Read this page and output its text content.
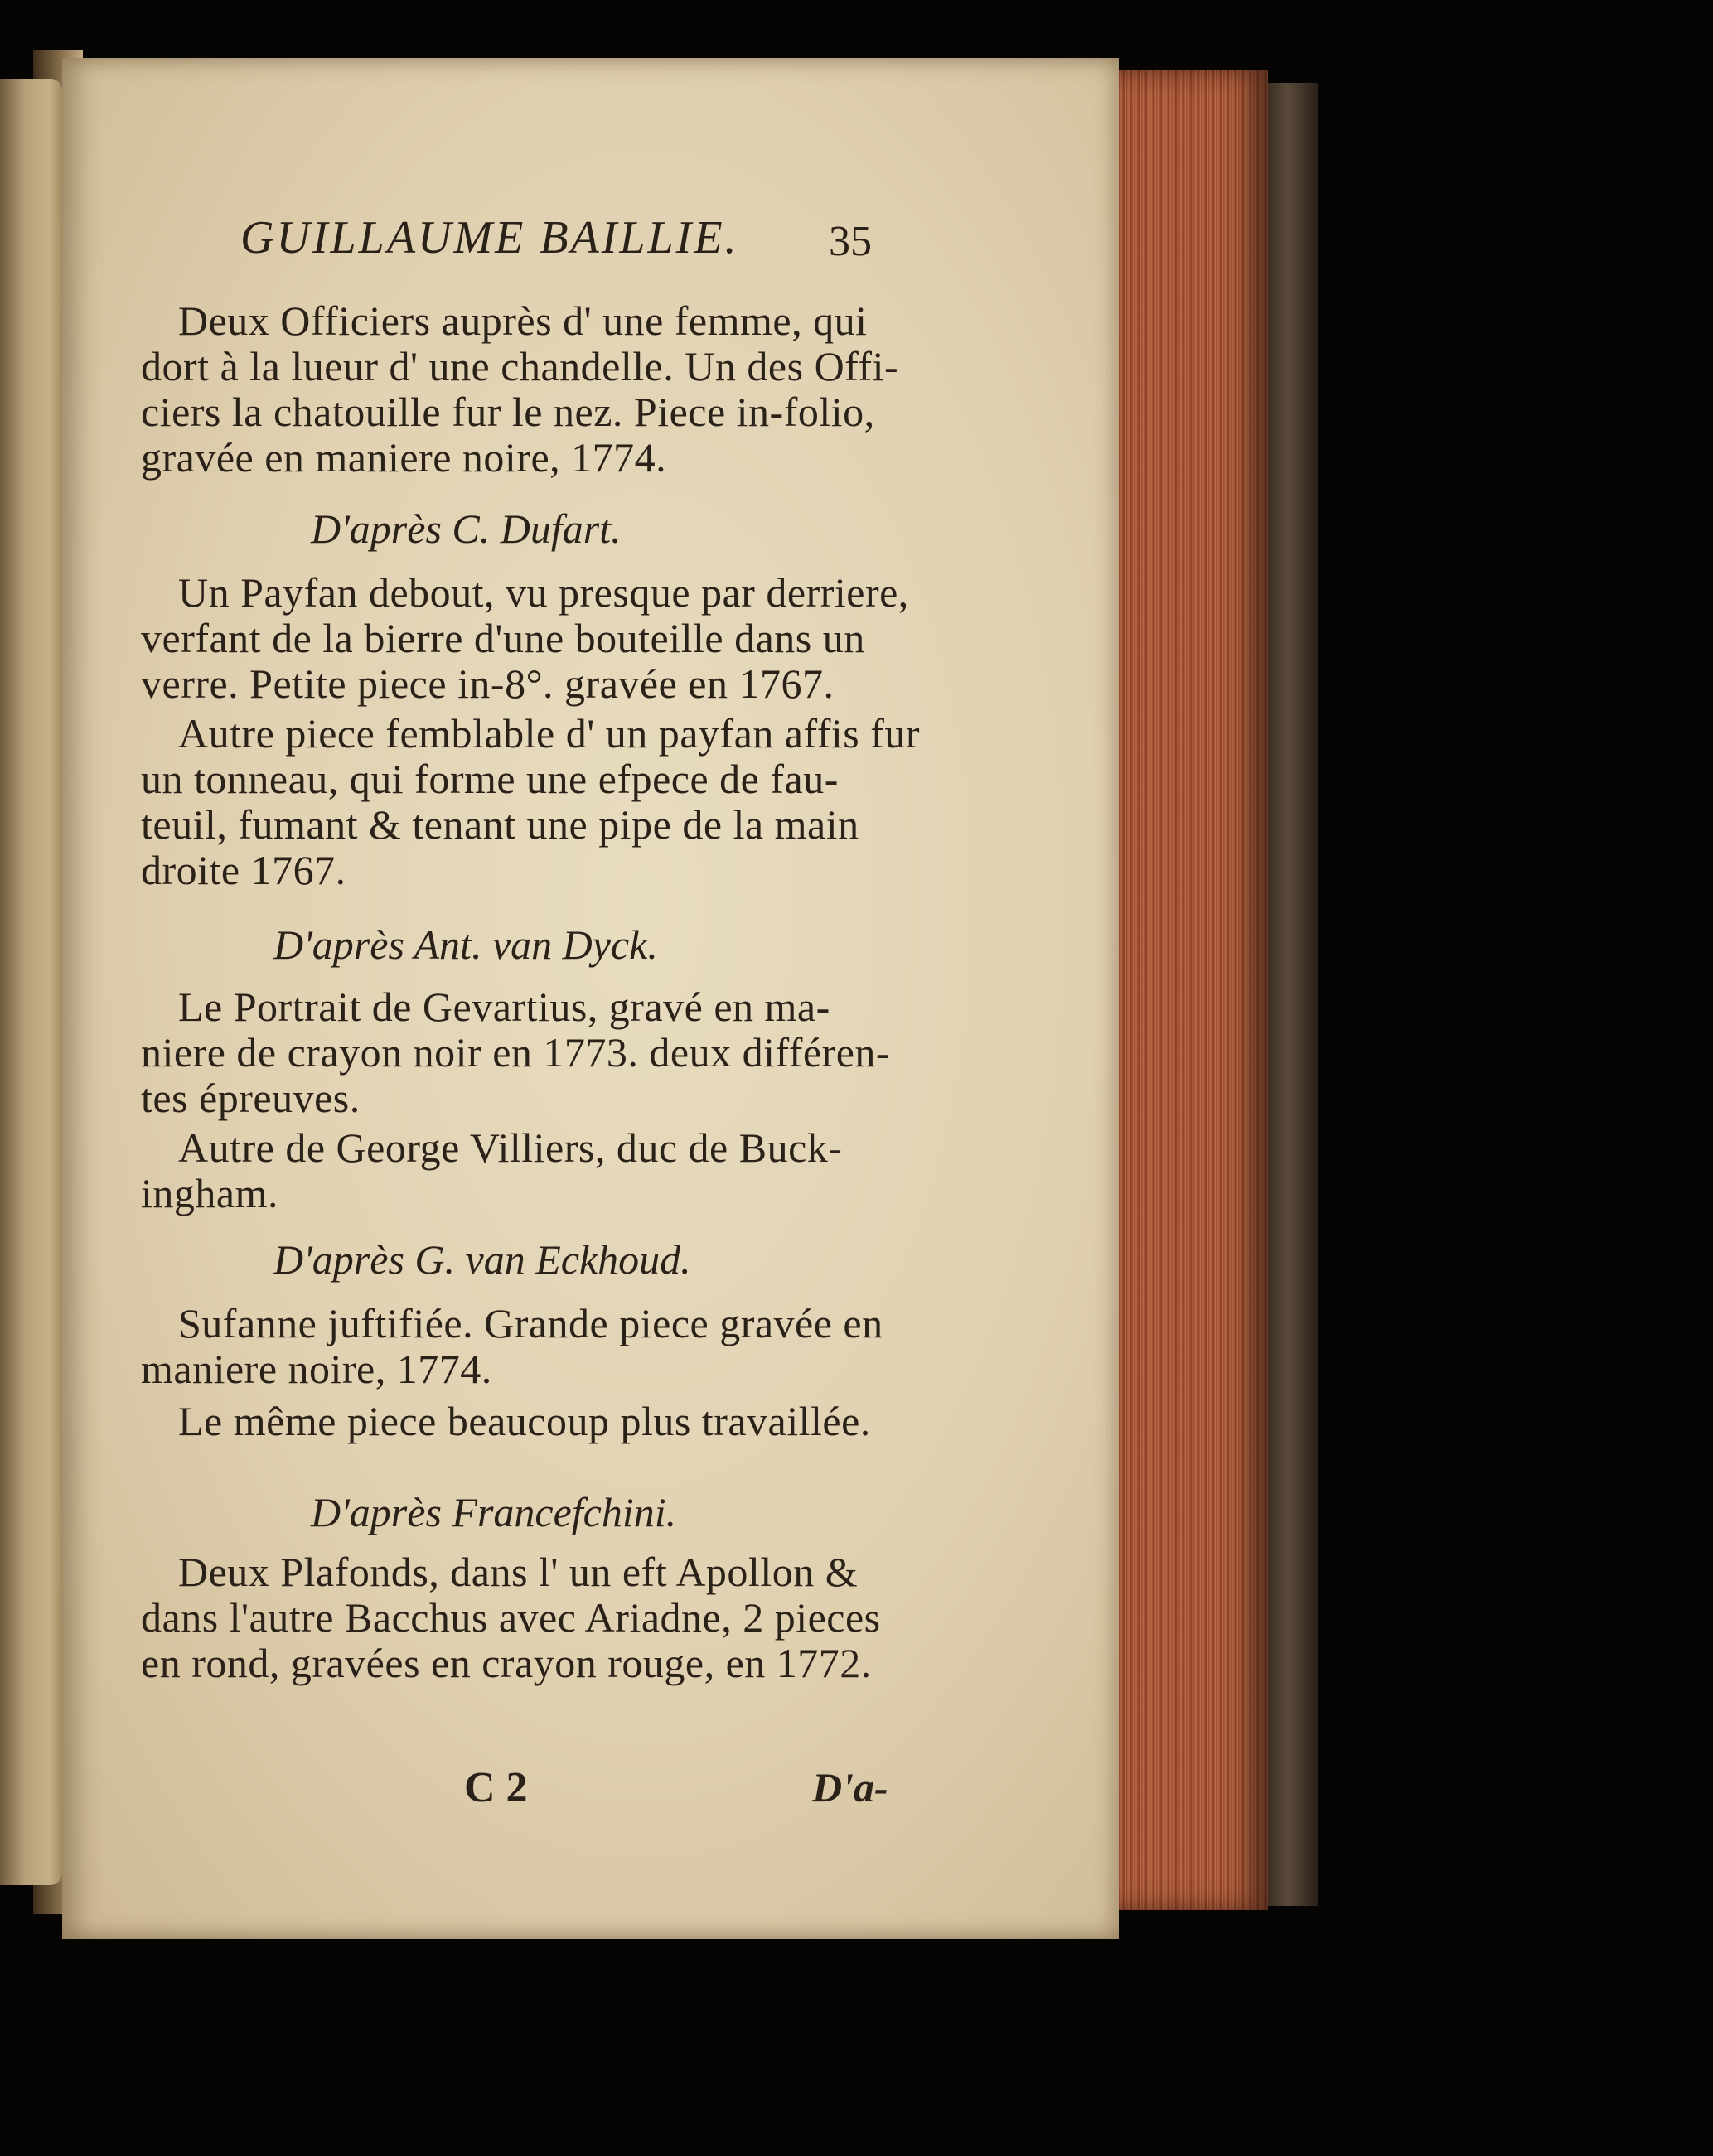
GUILLAUME BAILLIE. 35
Deux Officiers auprès d' une femme, qui
dort à la lueur d' une chandelle. Un des Offi-
ciers la chatouille fur le nez. Piece in-folio,
gravée en maniere noire, 1774.
D'après C. Dufart.
Un Payfan debout, vu presque par derriere,
verfant de la bierre d'une bouteille dans un
verre. Petite piece in-8°. gravée en 1767.
Autre piece femblable d' un payfan affis fur
un tonneau, qui forme une efpece de fau-
teuil, fumant & tenant une pipe de la main
droite 1767.
D'après Ant. van Dyck.
Le Portrait de Gevartius, gravé en ma-
niere de crayon noir en 1773. deux différen-
tes épreuves.
Autre de George Villiers, duc de Buck-
ingham.
D'après G. van Eckhoud.
Sufanne juftifiée. Grande piece gravée en
maniere noire, 1774.
Le même piece beaucoup plus travaillée.
D'après Francefchini.
Deux Plafonds, dans l' un eft Apollon &
dans l'autre Bacchus avec Ariadne, 2 pieces
en rond, gravées en crayon rouge, en 1772.
C 2	D'a-
